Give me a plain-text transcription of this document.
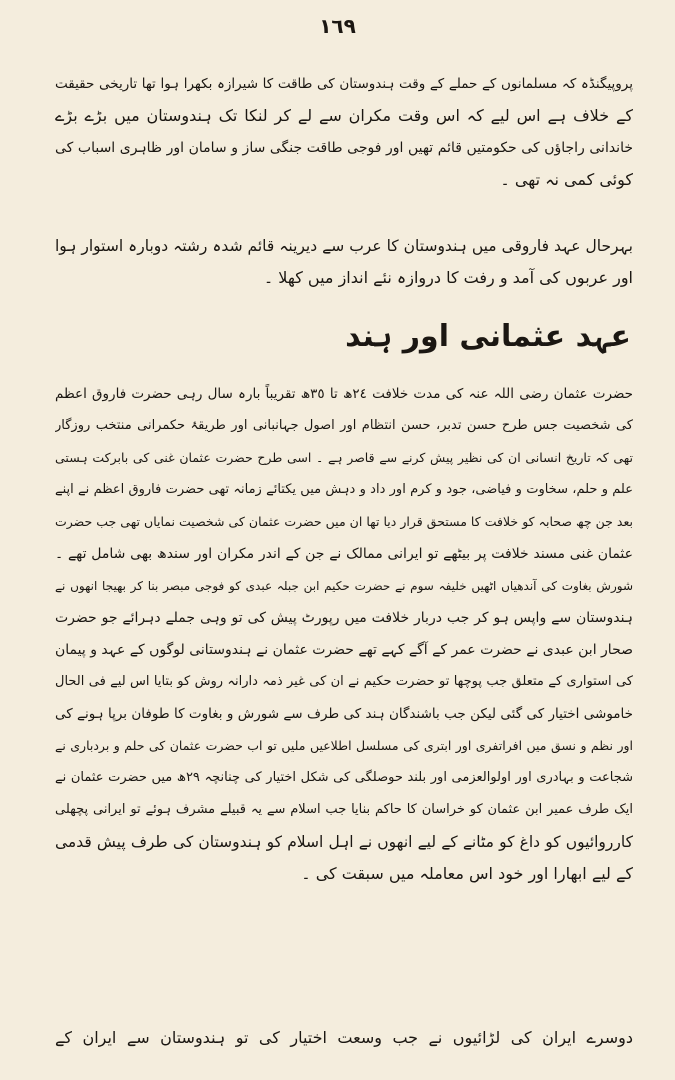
١٦٩
پروپیگنڈہ کہ مسلمانوں کے حملے کے وقت ہندوستان کی طاقت کا شیرازہ بکھرا ہوا تھا تاریخی حقیقت
کے خلاف ہے اس لیے کہ اس وقت مکران سے لے کر لنکا تک ہندوستان میں بڑے بڑے
خاندانی راجاؤں کی حکومتیں قائم تھیں اور فوجی طاقت جنگی ساز و سامان اور ظاہری اسباب کی
کوئی کمی نہ تھی ۔
بہرحال عہد فاروقی میں ہندوستان کا عرب سے دیرینہ قائم شدہ رشتہ دوبارہ استوار ہوا
اور عربوں کی آمد و رفت کا دروازہ نئے انداز میں کھلا ۔
عہد عثمانی اور ہند
حضرت عثمان رضی اللہ عنہ کی مدت خلافت ٢٤ھ تا ٣٥ھ تقریباً بارہ سال رہی حضرت فاروق اعظم
کی شخصیت جس طرح حسن تدبر، حسن انتظام اور اصول جہانبانی اور طریقۂ حکمرانی منتخب روزگار
تھی کہ تاریخ انسانی ان کی نظیر پیش کرنے سے قاصر ہے ۔ اسی طرح حضرت عثمان غنی کی بابرکت ہستی
علم و حلم، سخاوت و فیاضی، جود و کرم اور داد و دہش میں یکتائے زمانہ تھی حضرت فاروق اعظم نے اپنے
بعد جن چھ صحابہ کو خلافت کا مستحق قرار دیا تھا ان میں حضرت عثمان کی شخصیت نمایاں تھی جب حضرت
عثمان غنی مسند خلافت پر بیٹھے تو ایرانی ممالک نے جن کے اندر مکران اور سندھ بھی شامل تھے ۔
شورش بغاوت کی آندھیاں اٹھیں خلیفہ سوم نے حضرت حکیم ابن جبلہ عبدی کو فوجی مبصر بنا کر بھیجا انھوں نے
ہندوستان سے واپس ہو کر جب دربار خلافت میں رپورٹ پیش کی تو وہی جملے دہرائے جو حضرت
صحار ابن عبدی نے حضرت عمر کے آگے کہے تھے حضرت عثمان نے ہندوستانی لوگوں کے عہد و پیمان
کی استواری کے متعلق جب پوچھا تو حضرت حکیم نے ان کی غیر ذمہ دارانہ روش کو بتایا اس لیے فی الحال
خاموشی اختیار کی گئی لیکن جب باشندگان ہند کی طرف سے شورش و بغاوت کا طوفان برپا ہونے کی
اور نظم و نسق میں افراتفری اور ابتری کی مسلسل اطلاعیں ملیں تو اب حضرت عثمان کی حلم و بردباری نے
شجاعت و بہادری اور اولوالعزمی اور بلند حوصلگی کی شکل اختیار کی چنانچہ ٢٩ھ میں حضرت عثمان نے
ایک طرف عمیر ابن عثمان کو خراسان کا حاکم بنایا جب اسلام سے یہ قبیلے مشرف ہوئے تو ایرانی پچھلی
کارروائیوں کو داغ کو مٹانے کے لیے انھوں نے اہل اسلام کو ہندوستان کی طرف پیش قدمی
کے لیے ابھارا اور خود اس معاملہ میں سبقت کی ۔
دوسرے ایران کی لڑائیوں نے جب وسعت اختیار کی تو ہندوستان سے ایران کے
